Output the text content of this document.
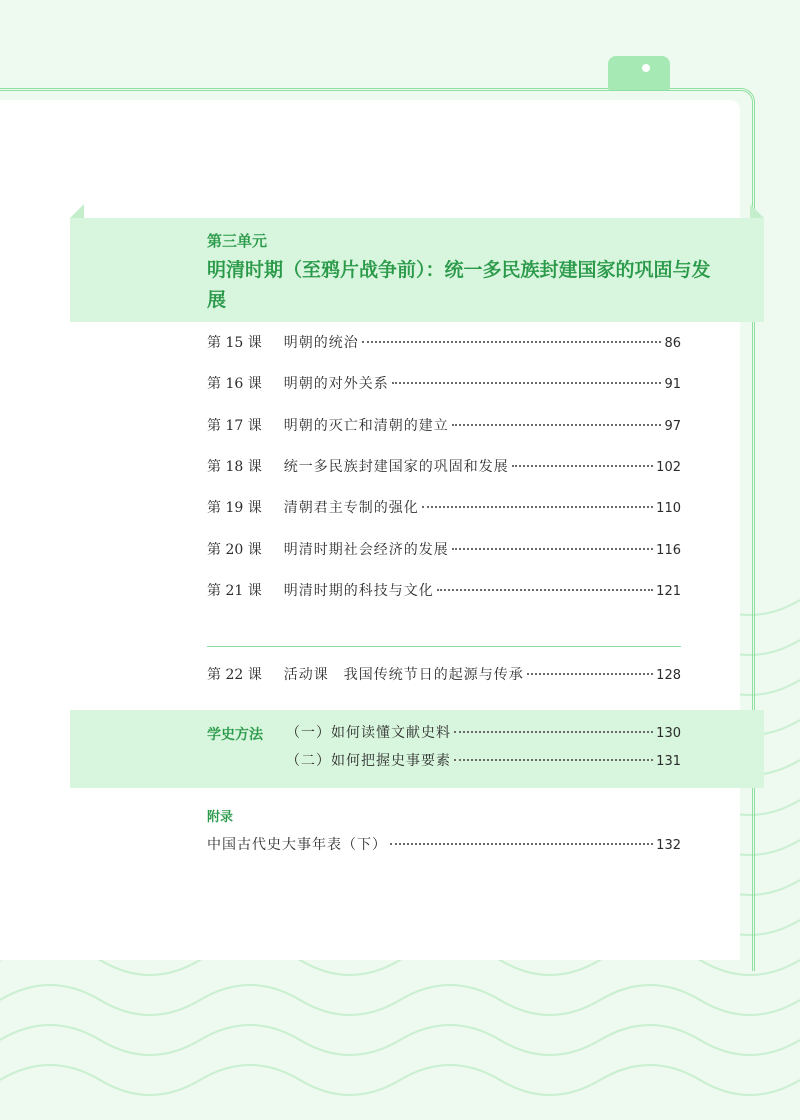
第三单元
明清时期（至鸦片战争前）：统一多民族封建国家的巩固与发展
第 15 课 明朝的统治	86
第 16 课 明朝的对外关系	91
第 17 课 明朝的灭亡和清朝的建立	97
第 18 课 统一多民族封建国家的巩固和发展	102
第 19 课 清朝君主专制的强化	110
第 20 课 明清时期社会经济的发展	116
第 21 课 明清时期的科技与文化	121
第 22 课 活动课　我国传统节日的起源与传承	128
学史方法 （一）如何读懂文献史料	130
（二）如何把握史事要素	131
附录
中国古代史大事年表（下）	132
